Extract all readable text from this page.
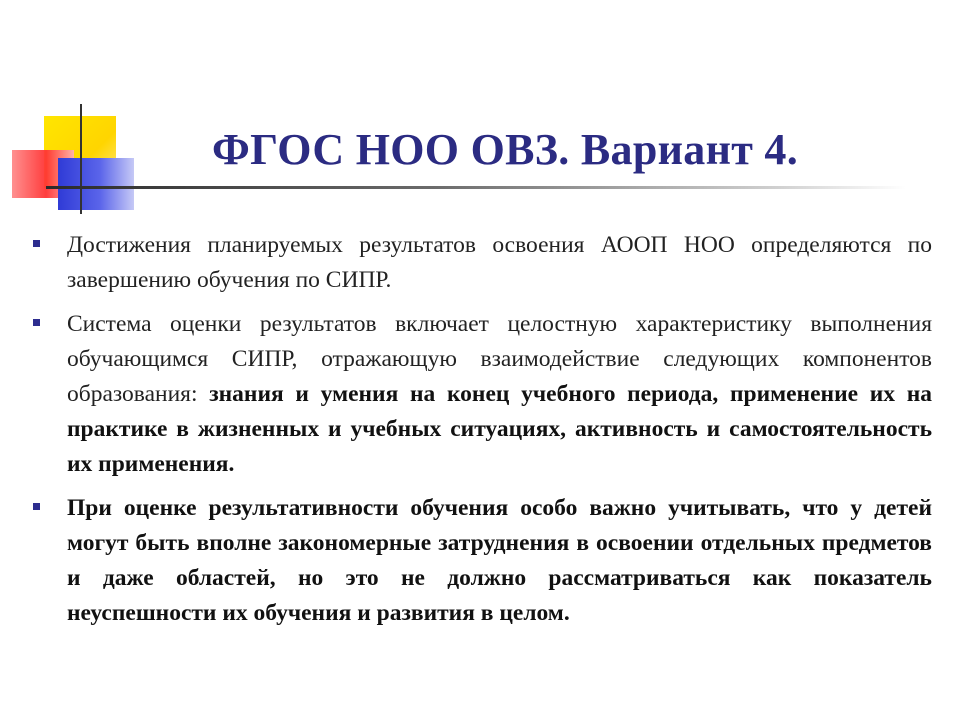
ФГОС НОО ОВЗ. Вариант 4.

Достижения планируемых результатов освоения АООП НОО определяются по завершению обучения по СИПР.

Система оценки результатов включает целостную характеристику выполнения обучающимся СИПР, отражающую взаимодействие следующих компонентов образования: знания и умения на конец учебного периода, применение их на практике в жизненных и учебных ситуациях, активность и самостоятельность их применения.

При оценке результативности обучения особо важно учитывать, что у детей могут быть вполне закономерные затруднения в освоении отдельных предметов и даже областей, но это не должно рассматриваться как показатель неуспешности их обучения и развития в целом.
